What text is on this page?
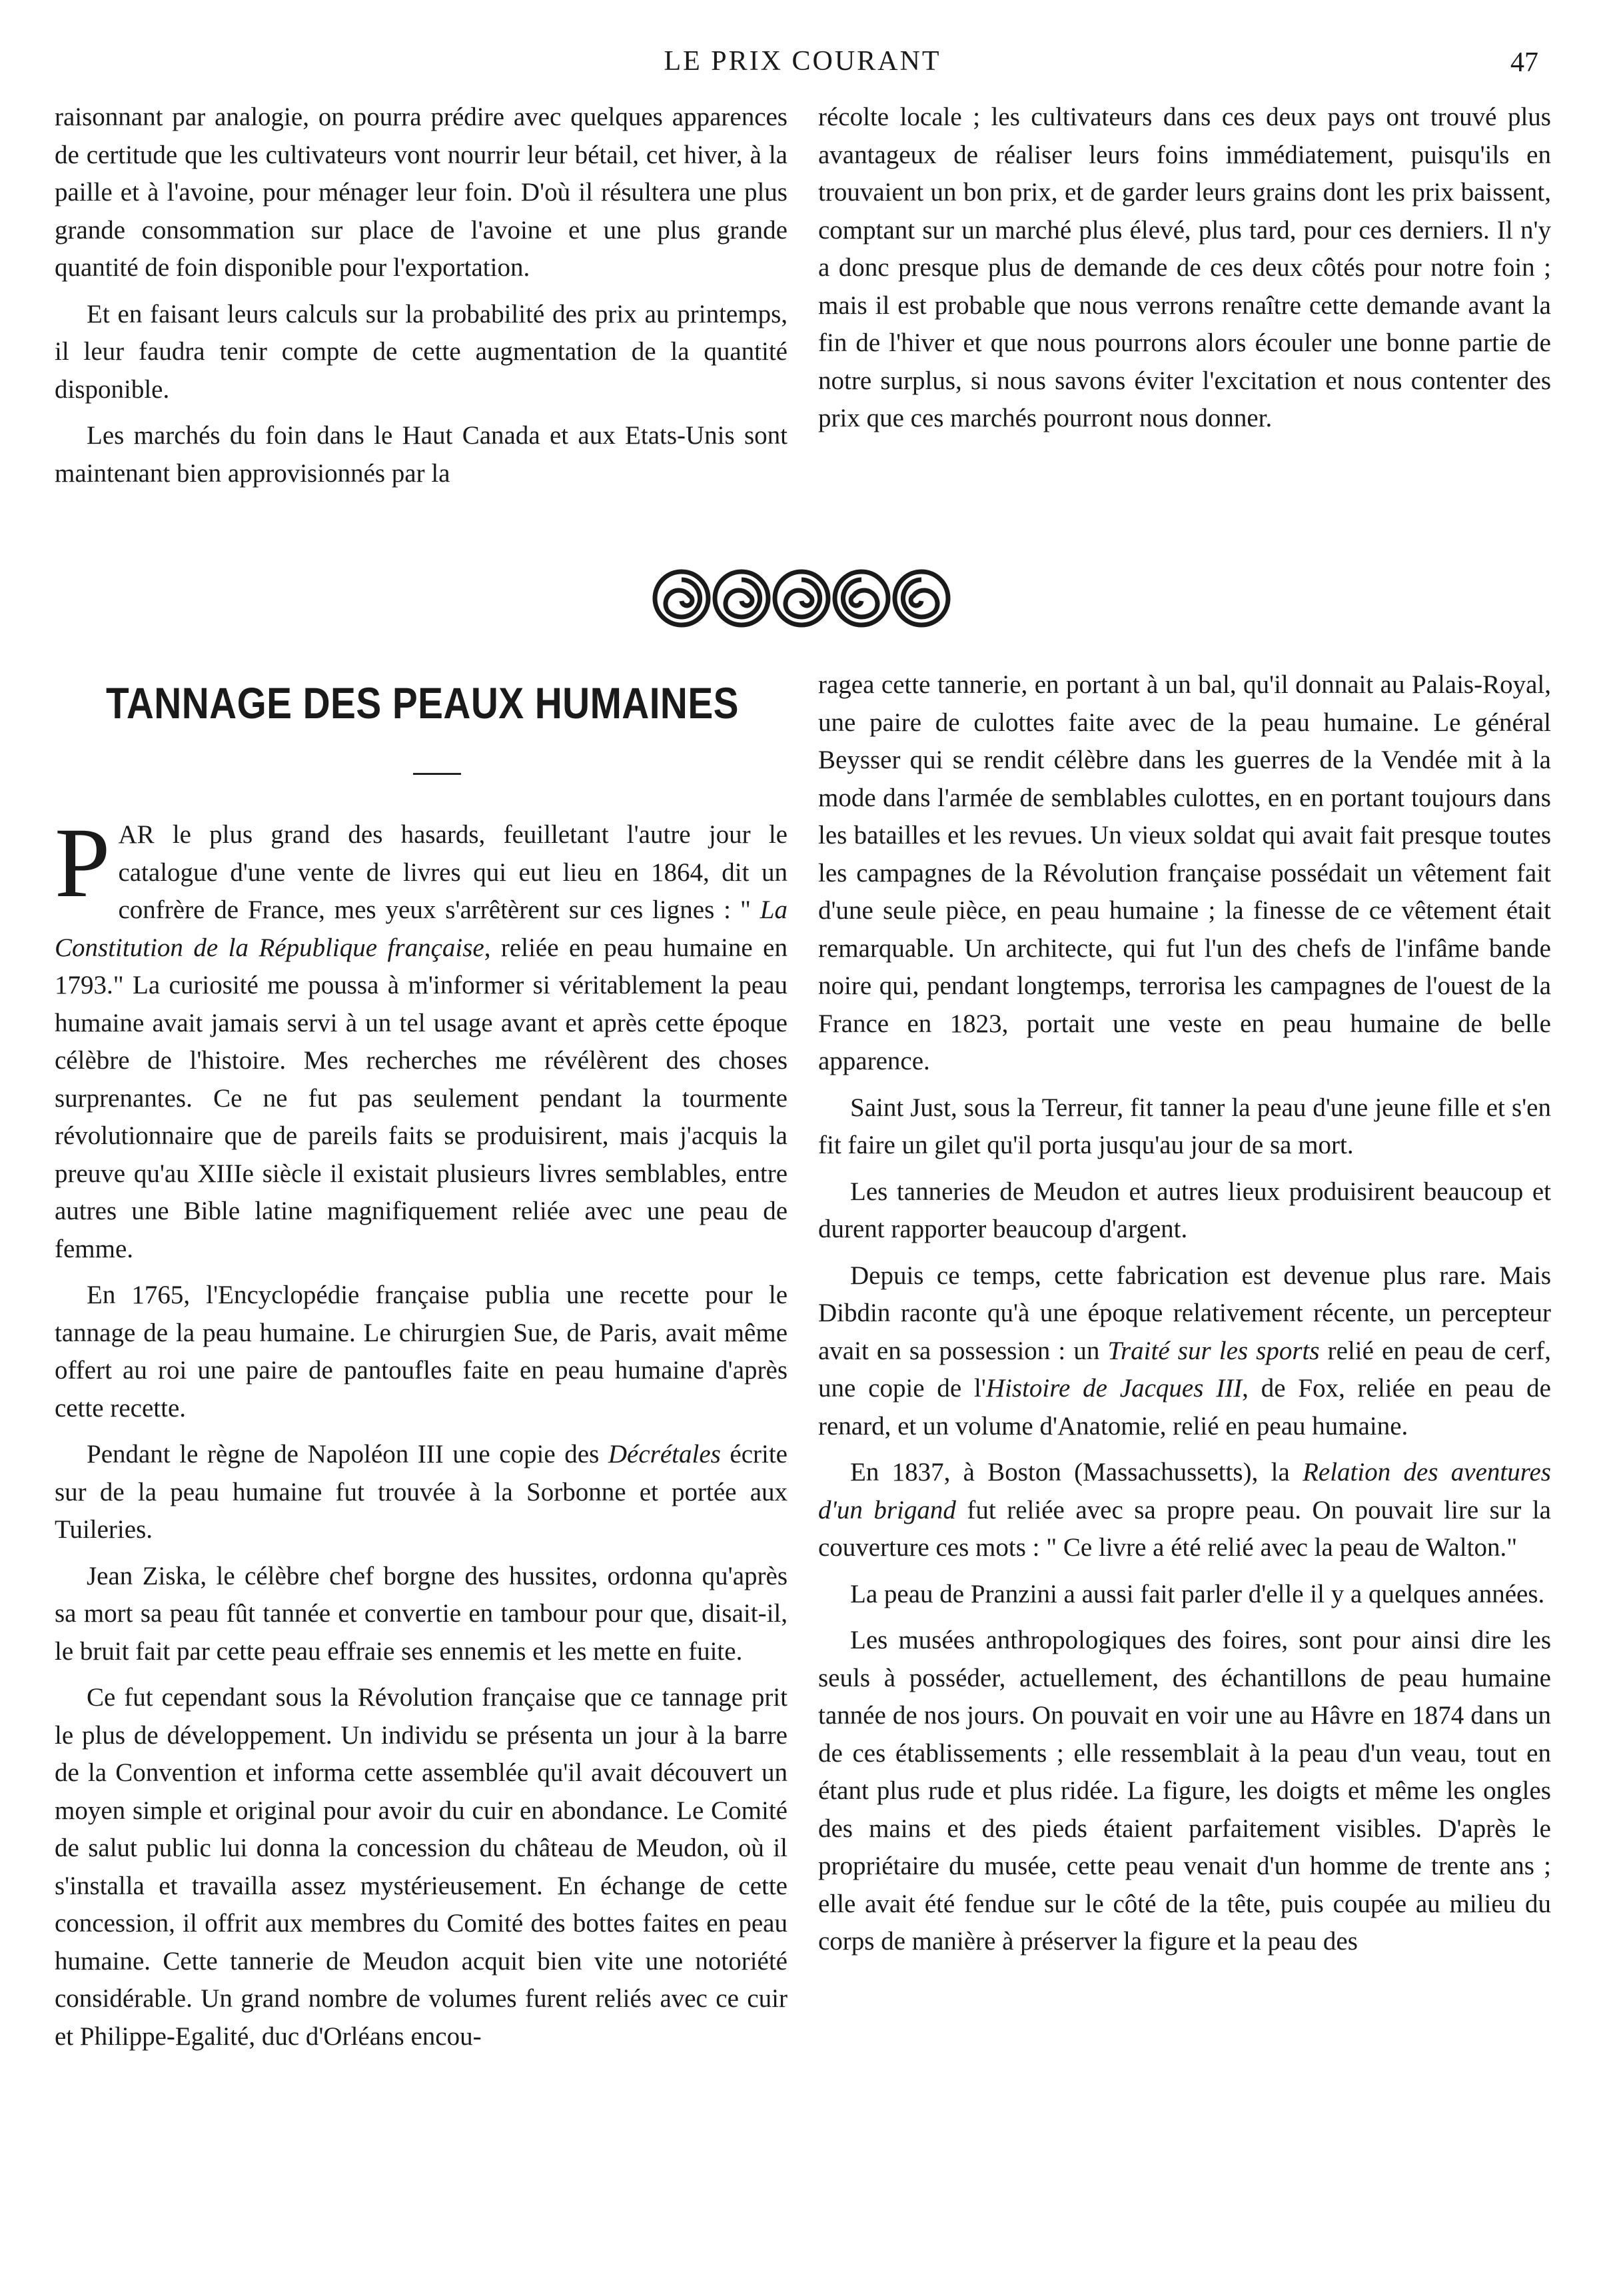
LE PRIX COURANT	47

raisonnant par analogie, on pourra prédire avec quelques apparences de certitude que les cultivateurs vont nourrir leur bétail, cet hiver, à la paille et à l'avoine, pour ménager leur foin. D'où il résultera une plus grande consommation sur place de l'avoine et une plus grande quantité de foin disponible pour l'exportation.

Et en faisant leurs calculs sur la probabilité des prix au printemps, il leur faudra tenir compte de cette augmentation de la quantité disponible.

Les marchés du foin dans le Haut Canada et aux Etats-Unis sont maintenant bien approvisionnés par la

récolte locale ; les cultivateurs dans ces deux pays ont trouvé plus avantageux de réaliser leurs foins immédiatement, puisqu'ils en trouvaient un bon prix, et de garder leurs grains dont les prix baissent, comptant sur un marché plus élevé, plus tard, pour ces derniers. Il n'y a donc presque plus de demande de ces deux côtés pour notre foin ; mais il est probable que nous verrons renaître cette demande avant la fin de l'hiver et que nous pourrons alors écouler une bonne partie de notre surplus, si nous savons éviter l'excitation et nous contenter des prix que ces marchés pourront nous donner.

TANNAGE DES PEAUX HUMAINES

PAR le plus grand des hasards, feuilletant l'autre jour le catalogue d'une vente de livres qui eut lieu en 1864, dit un confrère de France, mes yeux s'arrêtèrent sur ces lignes : " La Constitution de la République française, reliée en peau humaine en 1793." La curiosité me poussa à m'informer si véritablement la peau humaine avait jamais servi à un tel usage avant et après cette époque célèbre de l'histoire. Mes recherches me révélèrent des choses surprenantes. Ce ne fut pas seulement pendant la tourmente révolutionnaire que de pareils faits se produisirent, mais j'acquis la preuve qu'au XIIIe siècle il existait plusieurs livres semblables, entre autres une Bible latine magnifiquement reliée avec une peau de femme.

En 1765, l'Encyclopédie française publia une recette pour le tannage de la peau humaine. Le chirurgien Sue, de Paris, avait même offert au roi une paire de pantoufles faite en peau humaine d'après cette recette.

Pendant le règne de Napoléon III une copie des Décrétales écrite sur de la peau humaine fut trouvée à la Sorbonne et portée aux Tuileries.

Jean Ziska, le célèbre chef borgne des hussites, ordonna qu'après sa mort sa peau fût tannée et convertie en tambour pour que, disait-il, le bruit fait par cette peau effraie ses ennemis et les mette en fuite.

Ce fut cependant sous la Révolution française que ce tannage prit le plus de développement. Un individu se présenta un jour à la barre de la Convention et informa cette assemblée qu'il avait découvert un moyen simple et original pour avoir du cuir en abondance. Le Comité de salut public lui donna la concession du château de Meudon, où il s'installa et travailla assez mystérieusement. En échange de cette concession, il offrit aux membres du Comité des bottes faites en peau humaine. Cette tannerie de Meudon acquit bien vite une notoriété considérable. Un grand nombre de volumes furent reliés avec ce cuir et Philippe-Egalité, duc d'Orléans encou-

ragea cette tannerie, en portant à un bal, qu'il donnait au Palais-Royal, une paire de culottes faite avec de la peau humaine. Le général Beysser qui se rendit célèbre dans les guerres de la Vendée mit à la mode dans l'armée de semblables culottes, en en portant toujours dans les batailles et les revues. Un vieux soldat qui avait fait presque toutes les campagnes de la Révolution française possédait un vêtement fait d'une seule pièce, en peau humaine ; la finesse de ce vêtement était remarquable. Un architecte, qui fut l'un des chefs de l'infâme bande noire qui, pendant longtemps, terrorisa les campagnes de l'ouest de la France en 1823, portait une veste en peau humaine de belle apparence.

Saint Just, sous la Terreur, fit tanner la peau d'une jeune fille et s'en fit faire un gilet qu'il porta jusqu'au jour de sa mort.

Les tanneries de Meudon et autres lieux produisirent beaucoup et durent rapporter beaucoup d'argent.

Depuis ce temps, cette fabrication est devenue plus rare. Mais Dibdin raconte qu'à une époque relativement récente, un percepteur avait en sa possession : un Traité sur les sports relié en peau de cerf, une copie de l'Histoire de Jacques III, de Fox, reliée en peau de renard, et un volume d'Anatomie, relié en peau humaine.

En 1837, à Boston (Massachussetts), la Relation des aventures d'un brigand fut reliée avec sa propre peau. On pouvait lire sur la couverture ces mots : " Ce livre a été relié avec la peau de Walton."

La peau de Pranzini a aussi fait parler d'elle il y a quelques années.

Les musées anthropologiques des foires, sont pour ainsi dire les seuls à posséder, actuellement, des échantillons de peau humaine tannée de nos jours. On pouvait en voir une au Hâvre en 1874 dans un de ces établissements ; elle ressemblait à la peau d'un veau, tout en étant plus rude et plus ridée. La figure, les doigts et même les ongles des mains et des pieds étaient parfaitement visibles. D'après le propriétaire du musée, cette peau venait d'un homme de trente ans ; elle avait été fendue sur le côté de la tête, puis coupée au milieu du corps de manière à préserver la figure et la peau des
